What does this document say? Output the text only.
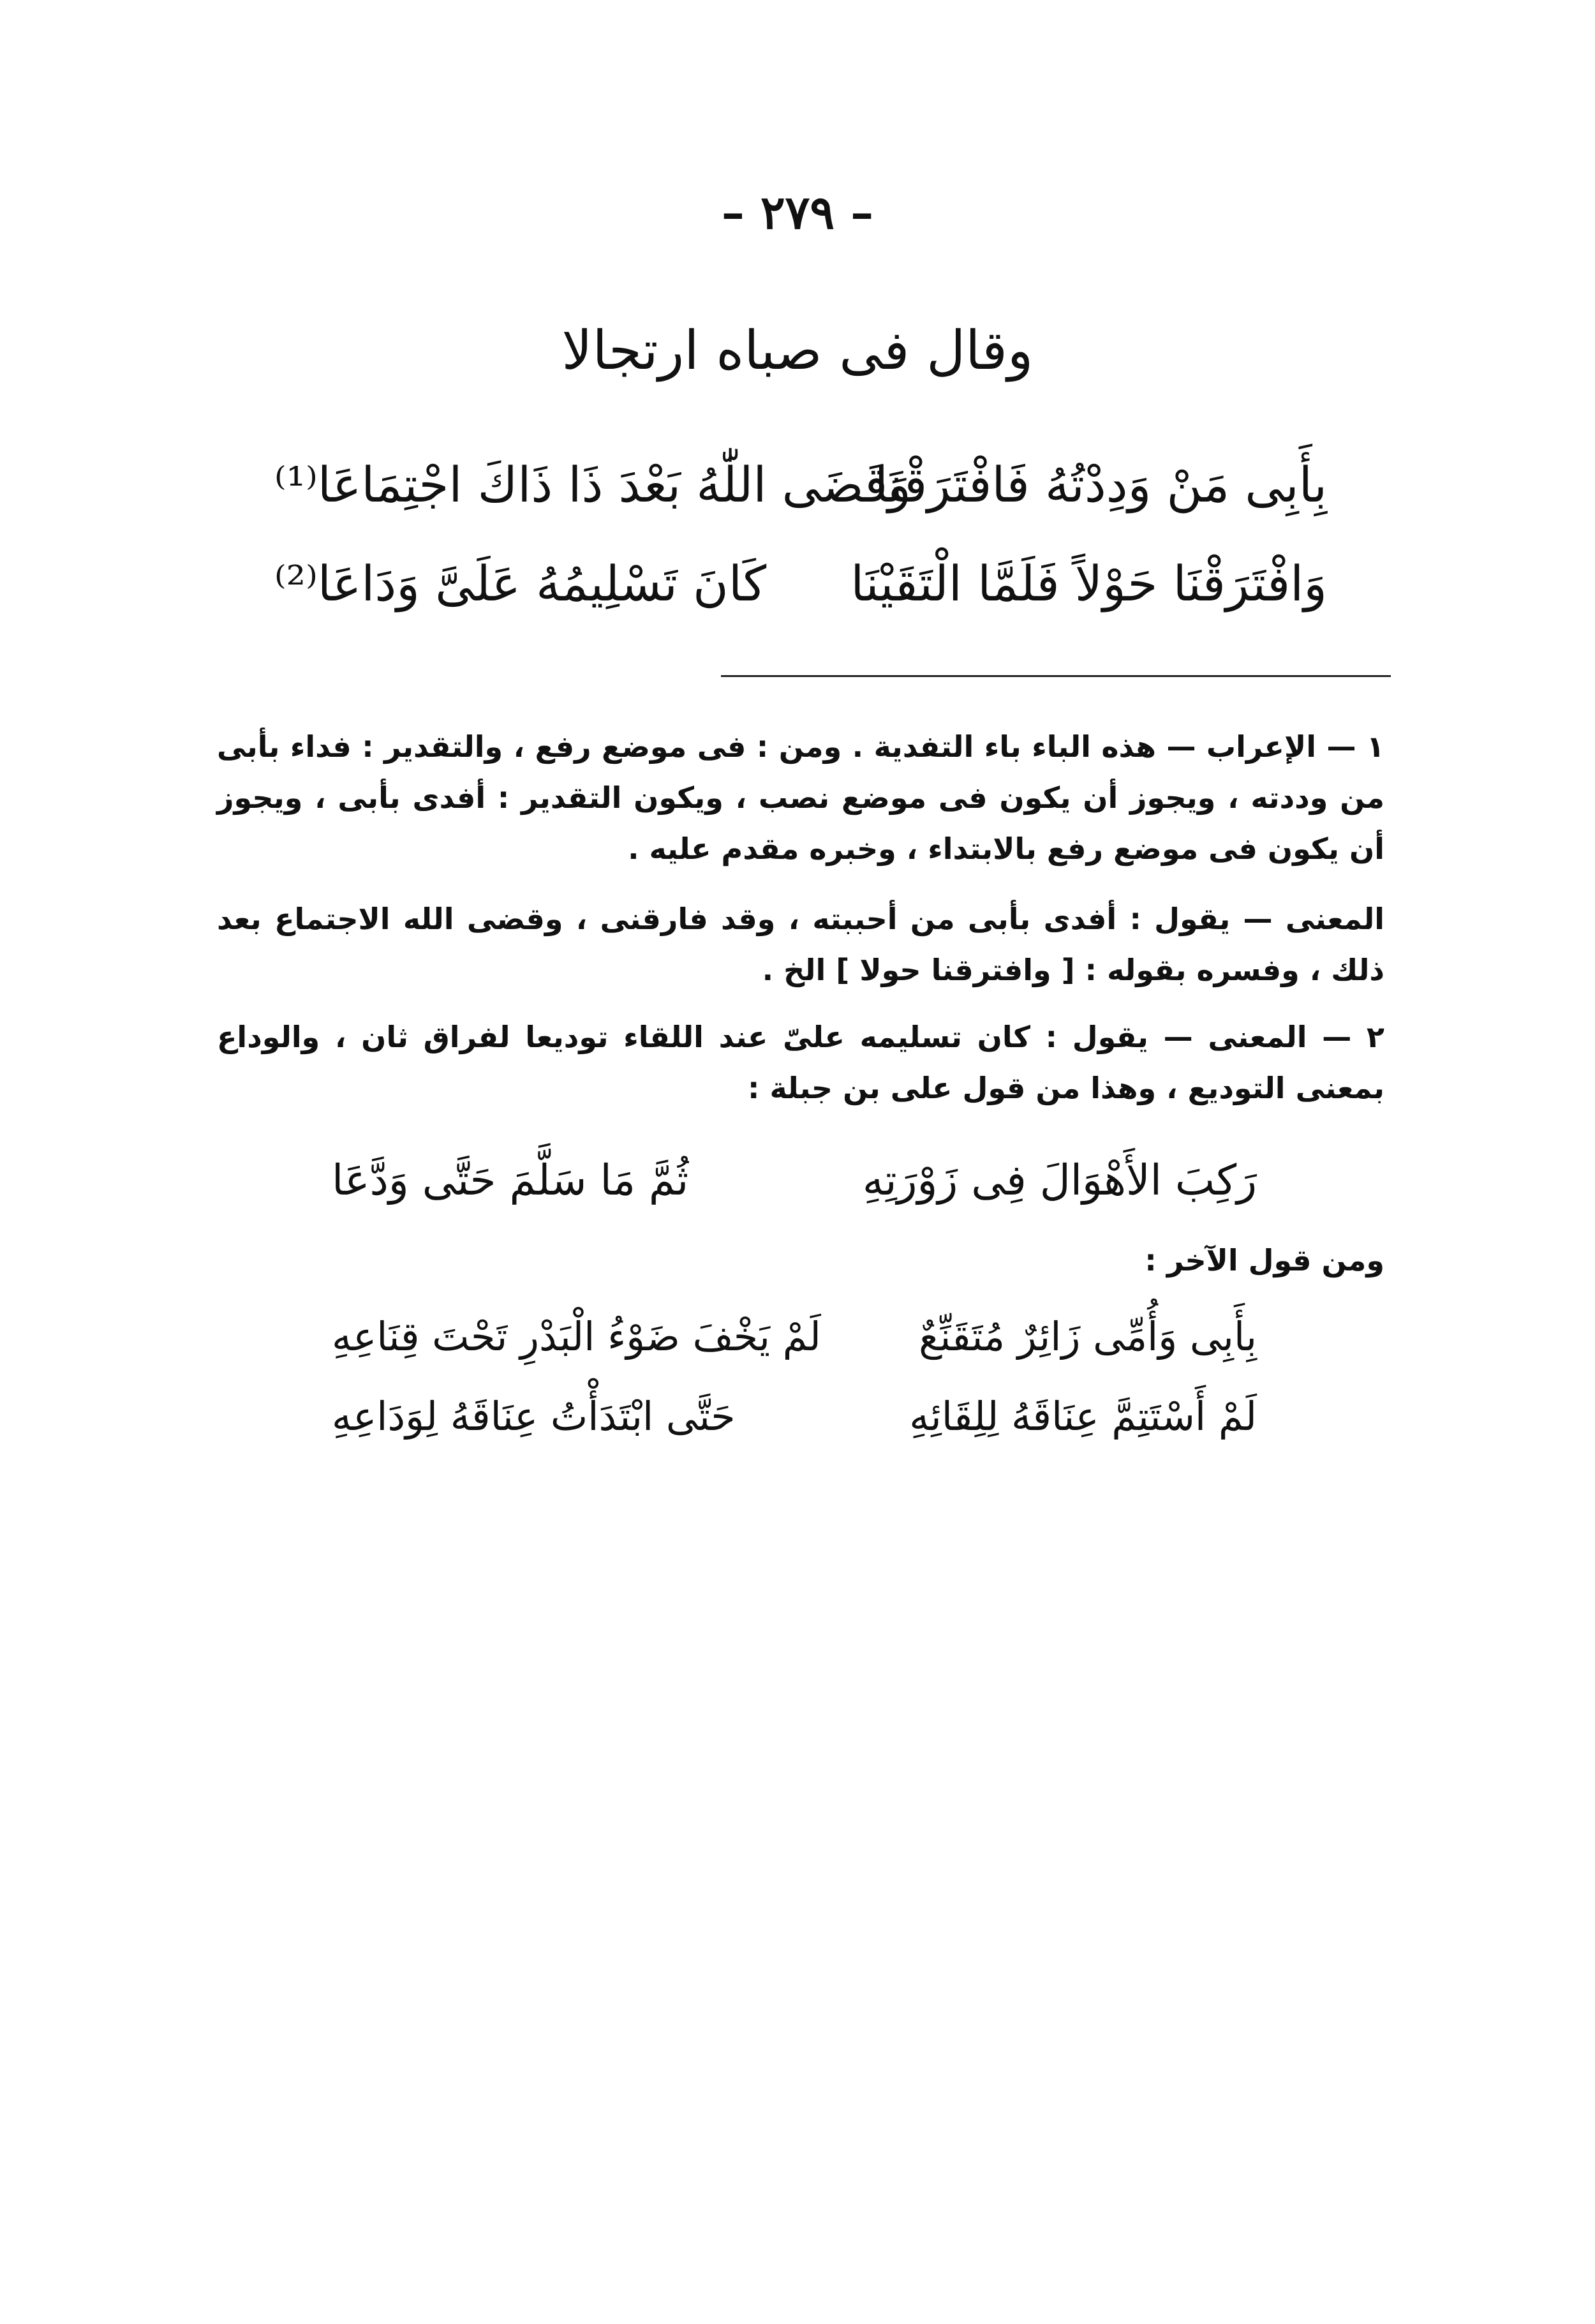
– ٢٧٩ –
وقال فى صباه ارتجالا
بِأَبِى مَنْ وَدِدْتُهُ فَافْتَرَقْنَا
وَقَضَى اللّٰهُ بَعْدَ ذَا ذَاكَ اجْتِمَاعَا⁽¹⁾
وَافْتَرَقْنَا حَوْلاً فَلَمَّا الْتَقَيْنَا
كَانَ تَسْلِيمُهُ عَلَىَّ وَدَاعَا⁽²⁾
١ — الإعراب — هذه الباء باء التفدية . ومن : فى موضع رفع ، والتقدير : فداء بأبى من وددته ، ويجوز أن يكون فى موضع نصب ، ويكون التقدير : أفدى بأبى ، ويجوز أن يكون فى موضع رفع بالابتداء ، وخبره مقدم عليه .
المعنى — يقول : أفدى بأبى من أحببته ، وقد فارقنى ، وقضى الله الاجتماع بعد ذلك ، وفسره بقوله : [ وافترقنا حولا ] الخ .
٢ — المعنى — يقول : كان تسليمه علىّ عند اللقاء توديعا لفراق ثان ، والوداع بمعنى التوديع ، وهذا من قول على بن جبلة :
رَكِبَ الأَهْوَالَ فِى زَوْرَتِهِ
ثُمَّ مَا سَلَّمَ حَتَّى وَدَّعَا
ومن قول الآخر :
بِأَبِى وَأُمِّى زَائِرٌ مُتَقَنِّعٌ
لَمْ يَخْفَ ضَوْءُ الْبَدْرِ تَحْتَ قِنَاعِهِ
لَمْ أَسْتَتِمَّ عِنَاقَهُ لِلِقَائِهِ
حَتَّى ابْتَدَأْتُ عِنَاقَهُ لِوَدَاعِهِ
